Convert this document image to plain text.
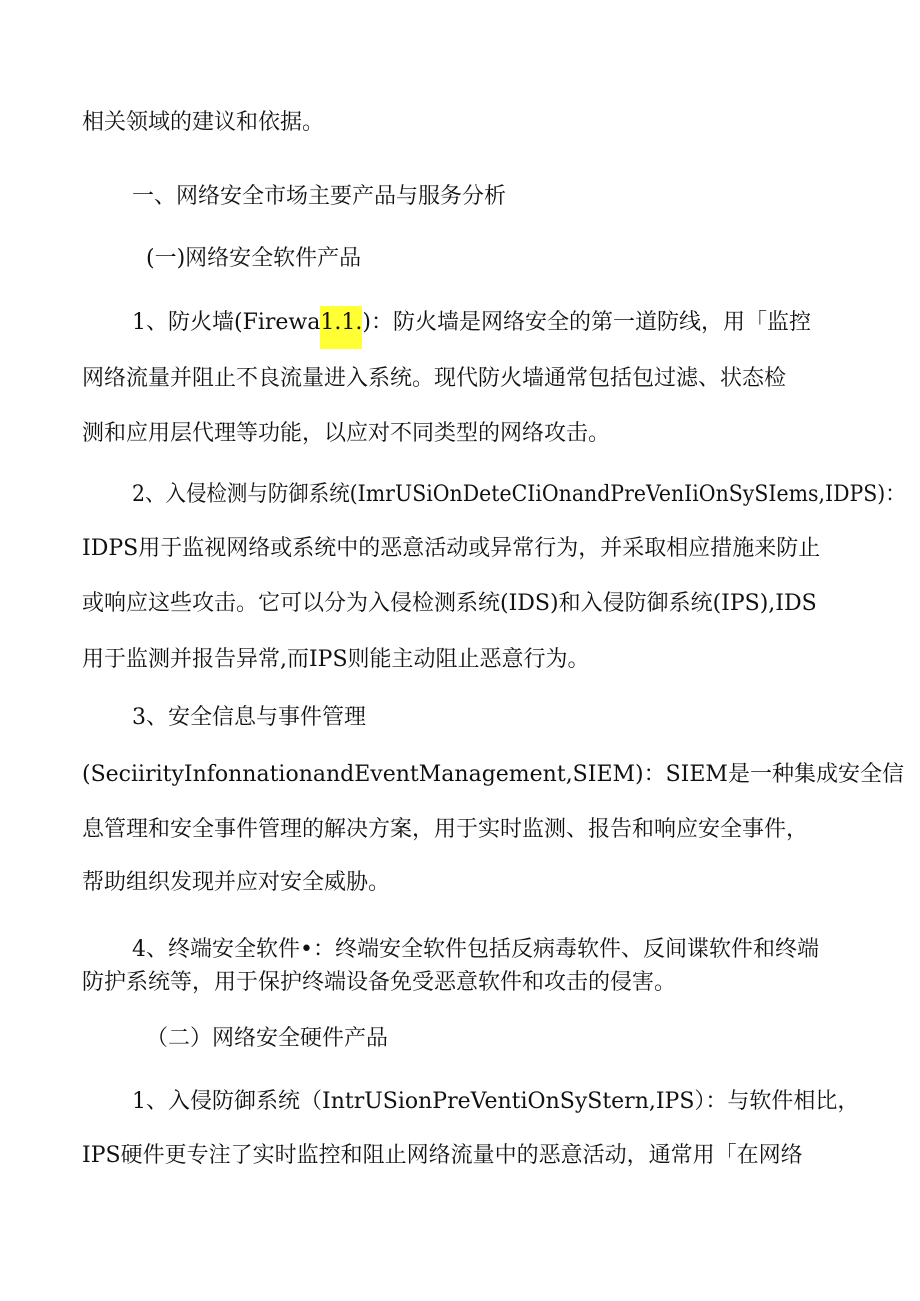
相关领域的建议和依据。
一、网络安全市场主要产品与服务分析
(一)网络安全软件产品
1、防火墙(Firewa1.1.)：防火墙是网络安全的第一道防线，用「监控
网络流量并阻止不良流量进入系统。现代防火墙通常包括包过滤、状态检
测和应用层代理等功能，以应对不同类型的网络攻击。
2、入侵检测与防御系统(ImrUSiOnDeteCIiOnandPreVenIiOnSySIems,IDPS)：
IDPS用于监视网络或系统中的恶意活动或异常行为，并采取相应措施来防止
或响应这些攻击。它可以分为入侵检测系统(IDS)和入侵防御系统(IPS),IDS
用于监测并报告异常,而IPS则能主动阻止恶意行为。
3、安全信息与事件管理
(SeciirityInfonnationandEventManagement,SIEM)：SIEM是一种集成安全信
息管理和安全事件管理的解决方案，用于实时监测、报告和响应安全事件，
帮助组织发现并应对安全威胁。
4、终端安全软件•：终端安全软件包括反病毒软件、反间谍软件和终端
防护系统等，用于保护终端设备免受恶意软件和攻击的侵害。
（二）网络安全硬件产品
1、入侵防御系统（IntrUSionPreVentiOnSyStern,IPS）：与软件相比，
IPS硬件更专注了实时监控和阻止网络流量中的恶意活动，通常用「在网络
